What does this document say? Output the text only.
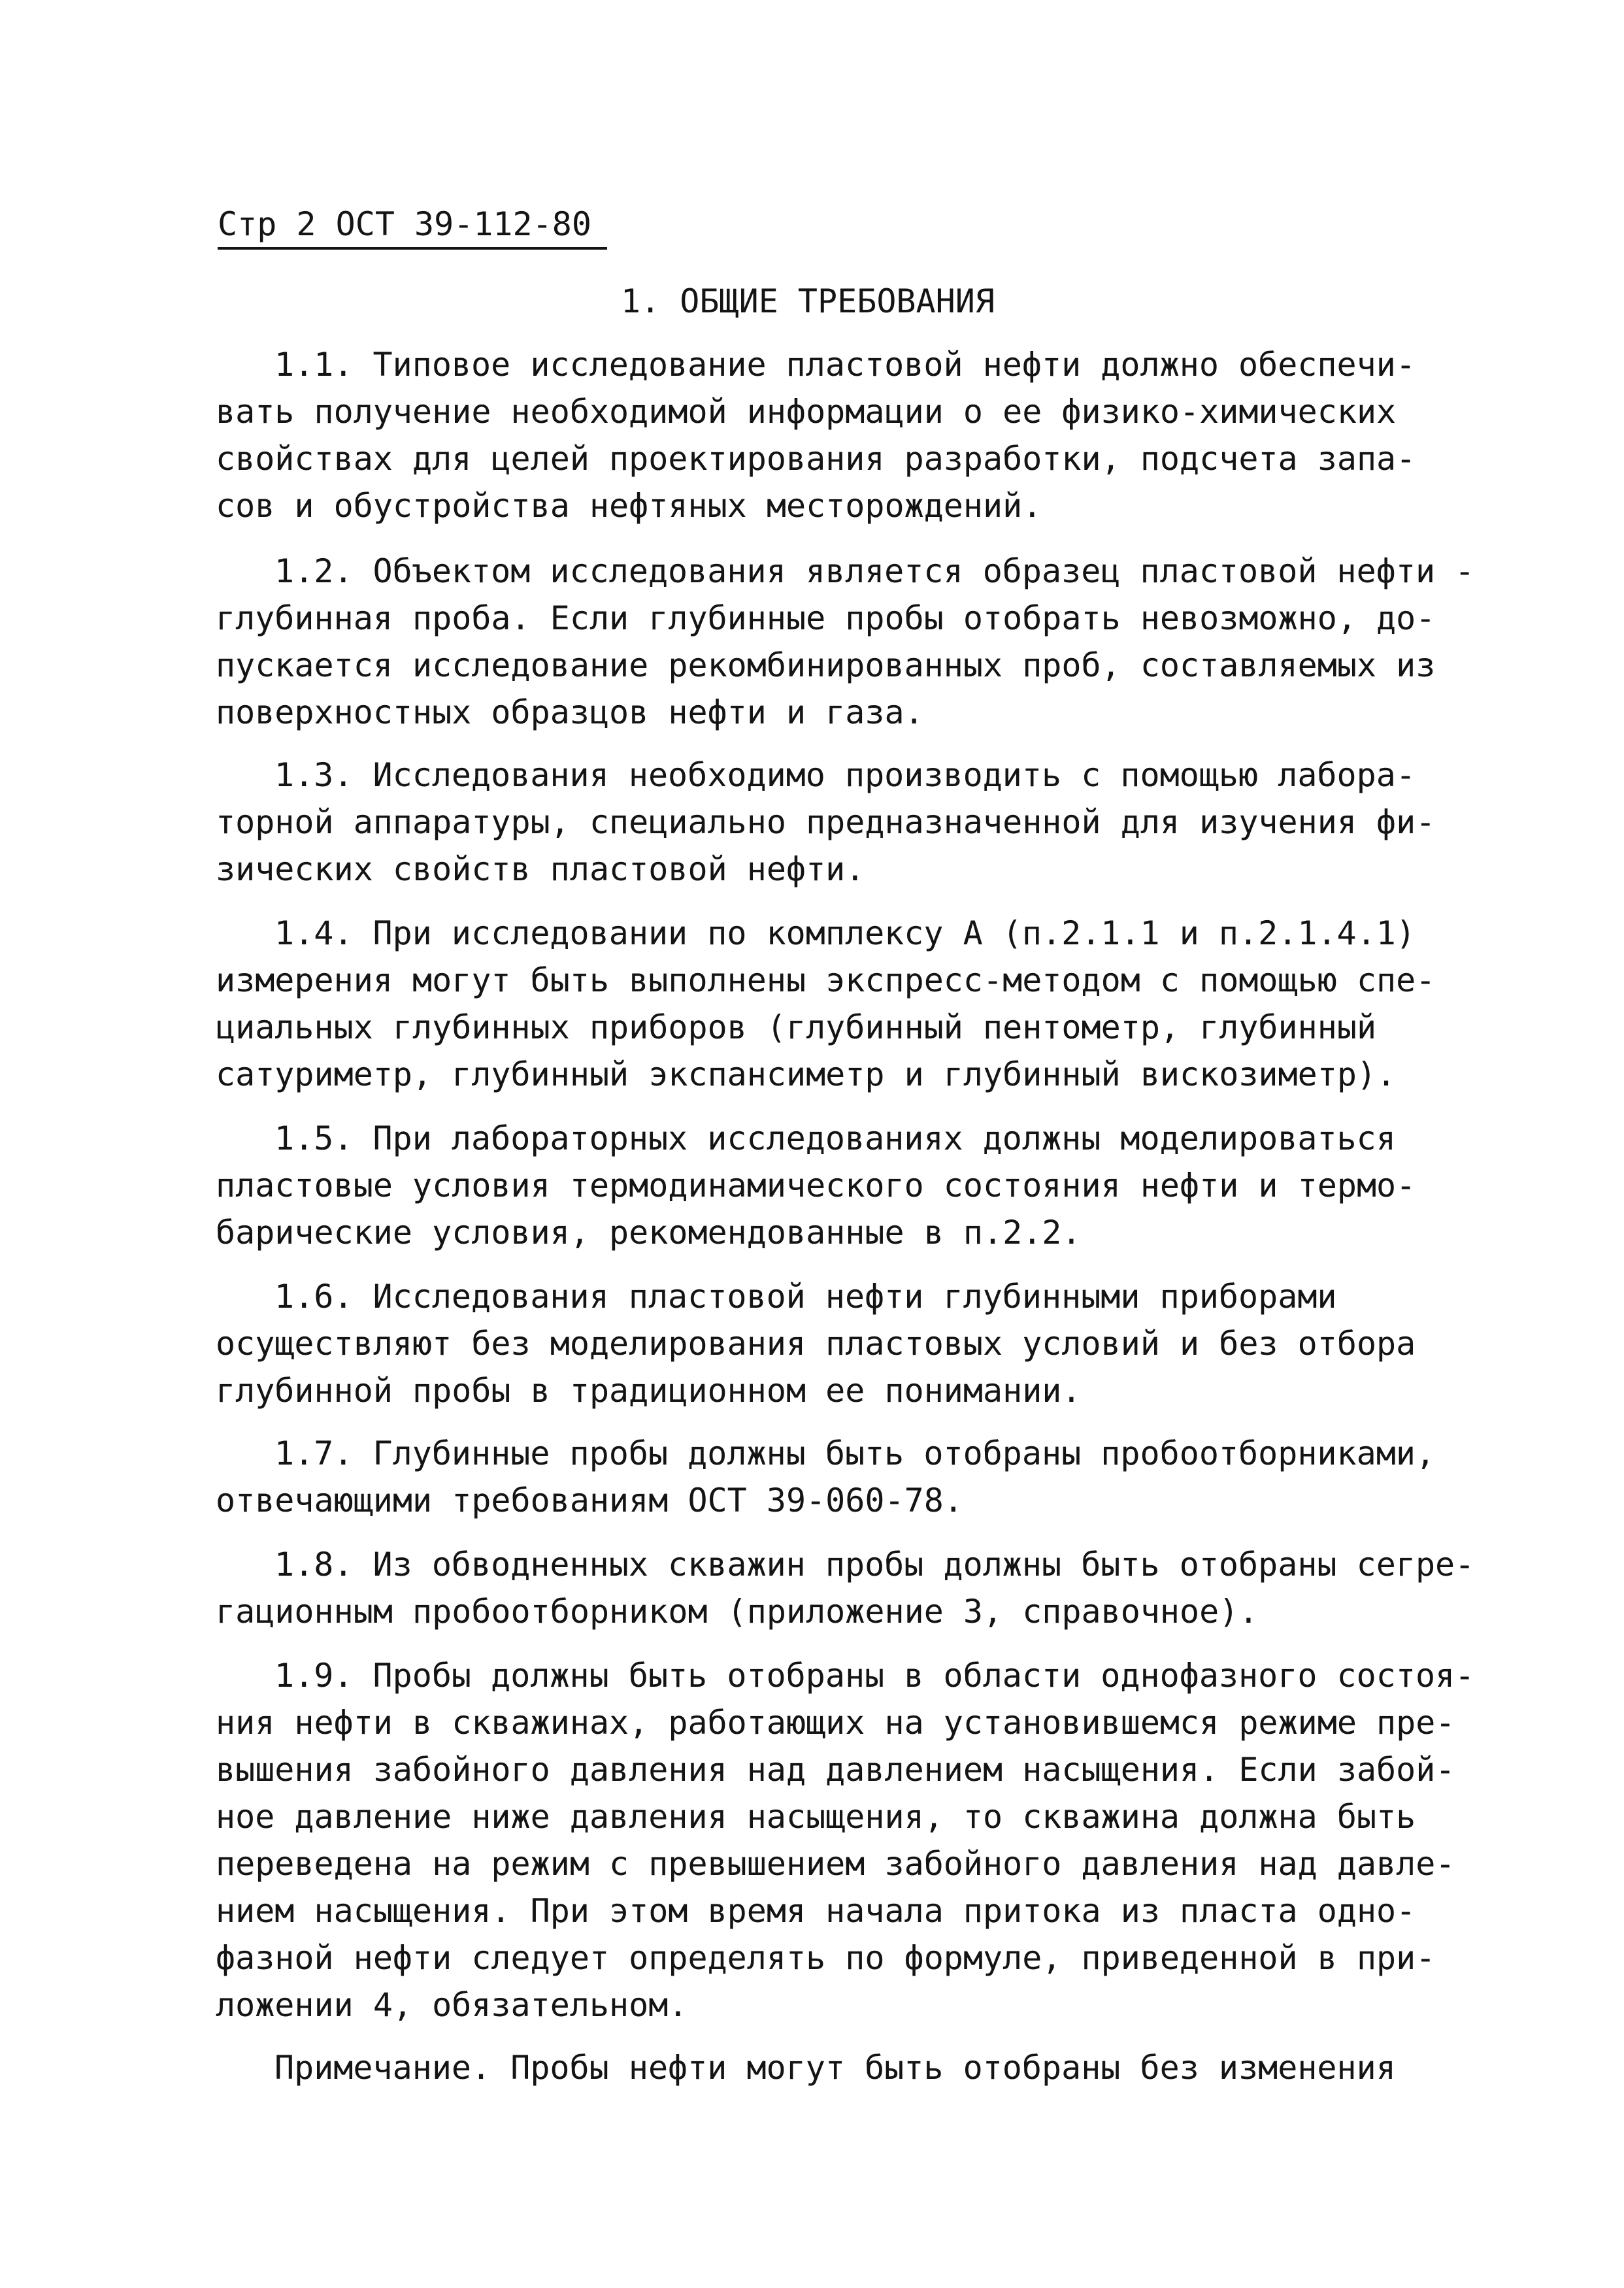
Стр 2 ОСТ 39-112-80
1. ОБЩИЕ ТРЕБОВАНИЯ
1.1. Типовое исследование пластовой нефти должно обеспечи-
вать получение необходимой информации о ее физико-химических
свойствах для целей проектирования разработки, подсчета запа-
сов и обустройства нефтяных месторождений.
1.2. Объектом исследования является образец пластовой нефти -
глубинная проба. Если глубинные пробы отобрать невозможно, до-
пускается исследование рекомбинированных проб, составляемых из
поверхностных образцов нефти и газа.
1.3. Исследования необходимо производить с помощью лабора-
торной аппаратуры, специально предназначенной для изучения фи-
зических свойств пластовой нефти.
1.4. При исследовании по комплексу А (п.2.1.1 и п.2.1.4.1)
измерения могут быть выполнены экспресс-методом с помощью спе-
циальных глубинных приборов (глубинный пентометр, глубинный
сатуриметр, глубинный экспансиметр и глубинный вискозиметр).
1.5. При лабораторных исследованиях должны моделироваться
пластовые условия термодинамического состояния нефти и термо-
барические условия, рекомендованные в п.2.2.
1.6. Исследования пластовой нефти глубинными приборами
осуществляют без моделирования пластовых условий и без отбора
глубинной пробы в традиционном ее понимании.
1.7. Глубинные пробы должны быть отобраны пробоотборниками,
отвечающими требованиям ОСТ 39-060-78.
1.8. Из обводненных скважин пробы должны быть отобраны сегре-
гационным пробоотборником (приложение 3, справочное).
1.9. Пробы должны быть отобраны в области однофазного состоя-
ния нефти в скважинах, работающих на установившемся режиме пре-
вышения забойного давления над давлением насыщения. Если забой-
ное давление ниже давления насыщения, то скважина должна быть
переведена на режим с превышением забойного давления над давле-
нием насыщения. При этом время начала притока из пласта одно-
фазной нефти следует определять по формуле, приведенной в при-
ложении 4, обязательном.
Примечание. Пробы нефти могут быть отобраны без изменения
